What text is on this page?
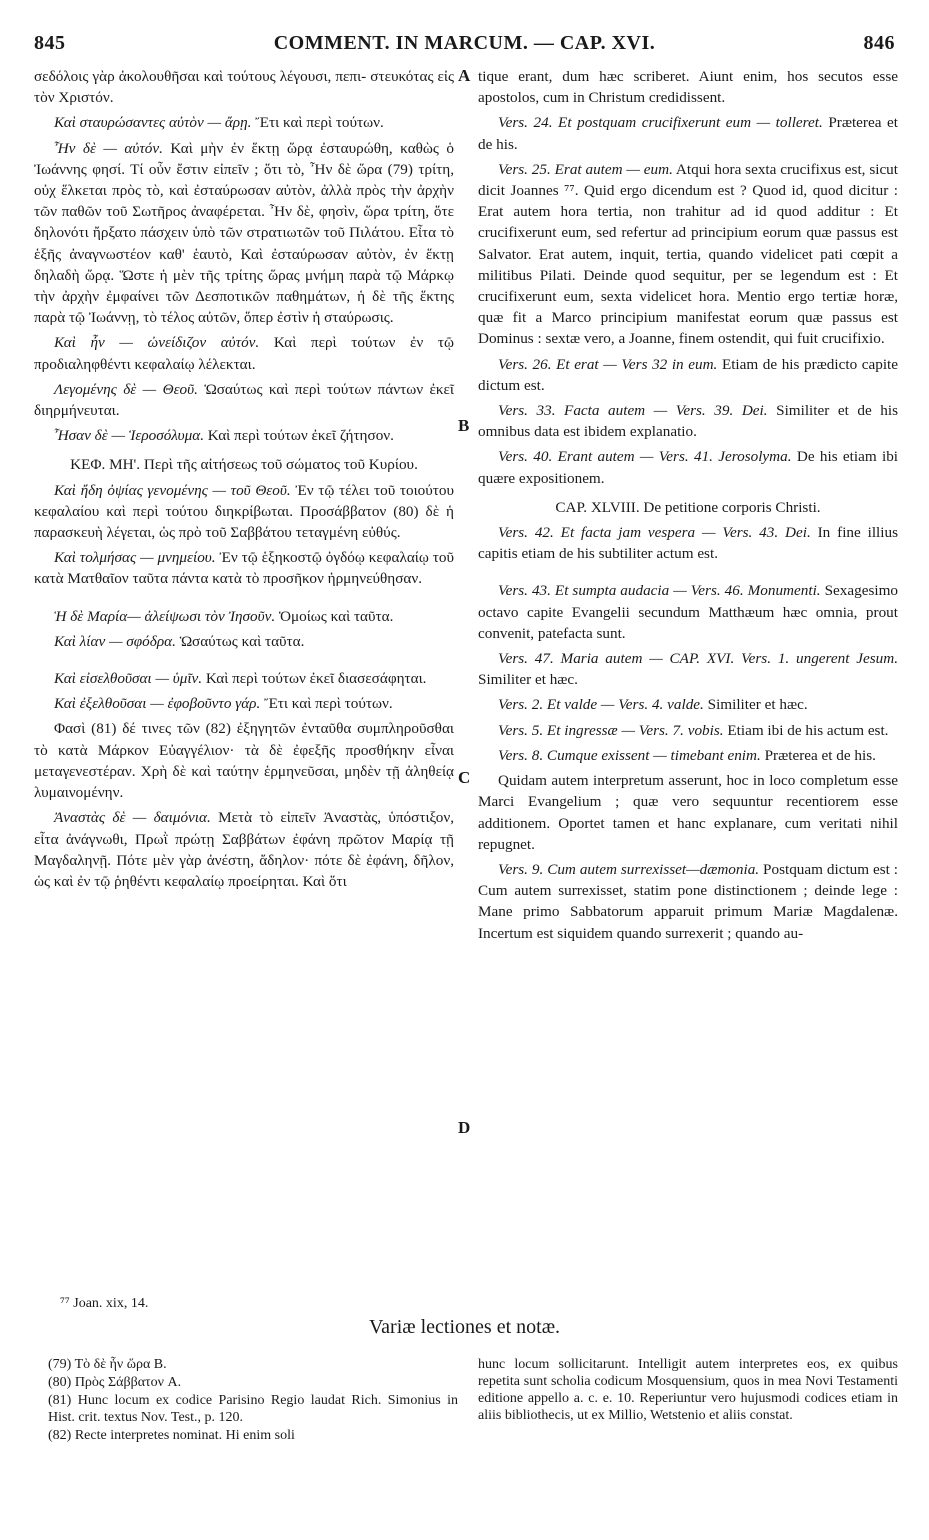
845	COMMENT. IN MARCUM. — CAP. XVI.	846

σεδόλοις γὰρ ἀκολουθῆσαι καὶ τούτους λέγουσι, πεπι- στευκότας εἰς τὸν Χριστόν.

Καὶ σταυρώσαντες αὐτὸν — ἄρῃ. Ἔτι καὶ περὶ τούτων.

Ἦν δὲ — αὐτόν. Καὶ μὴν ἐν ἕκτῃ ὥρᾳ ἐσταυρώθη, καθὼς ὁ Ἰωάννης φησί. Τί οὖν ἔστιν εἰπεῖν ; ὅτι τὸ, Ἦν δὲ ὥρα (79) τρίτη, οὐχ ἕλκεται πρὸς τὸ, καὶ ἐσταύρωσαν αὐτὸν, ἀλλὰ πρὸς τὴν ἀρχὴν τῶν παθῶν τοῦ Σωτῆρος ἀναφέρεται. Ἦν δὲ, φησὶν, ὥρα τρίτη, ὅτε δηλονότι ἤρξατο πάσχειν ὑπὸ τῶν στρατιωτῶν τοῦ Πιλάτου. Εἶτα τὸ ἑξῆς ἀναγνωστέον καθ' ἑαυτὸ, Καὶ ἐσταύρωσαν αὐτὸν, ἐν ἕκτῃ δηλαδὴ ὥρᾳ. Ὥστε ἡ μὲν τῆς τρίτης ὥρας μνήμη παρὰ τῷ Μάρκῳ τὴν ἀρχὴν ἐμφαίνει τῶν Δεσποτικῶν παθημάτων, ἡ δὲ τῆς ἕκτης παρὰ τῷ Ἰωάννῃ, τὸ τέλος αὐτῶν, ὅπερ ἐστὶν ἡ σταύρωσις.

Καὶ ἦν — ὠνείδιζον αὐτόν. Καὶ περὶ τούτων ἐν τῷ προδιαληφθέντι κεφαλαίῳ λέλεκται.

Λεγομένης δὲ — Θεοῦ. Ὡσαύτως καὶ περὶ τούτων πάντων ἐκεῖ διηρμήνευται.

Ἦσαν δὲ — Ἱεροσόλυμα. Καὶ περὶ τούτων ἐκεῖ ζήτησον.

ΚΕΦ. ΜΗ'. Περὶ τῆς αἰτήσεως τοῦ σώματος τοῦ Κυρίου.

Καὶ ἤδη ὀψίας γενομένης — τοῦ Θεοῦ. Ἐν τῷ τέλει τοῦ τοιούτου κεφαλαίου καὶ περὶ τούτου διηκρίβωται. Προσάββατον (80) δὲ ἡ παρασκευὴ λέγεται, ὡς πρὸ τοῦ Σαββάτου τεταγμένη εὐθύς.

Καὶ τολμήσας — μνημείου. Ἐν τῷ ἑξηκοστῷ ὀγδόῳ κεφαλαίῳ τοῦ κατὰ Ματθαῖον ταῦτα πάντα κατὰ τὸ προσῆκον ἡρμηνεύθησαν.

Ἡ δὲ Μαρία— ἀλείψωσι τὸν Ἰησοῦν. Ὁμοίως καὶ ταῦτα.

Καὶ λίαν — σφόδρα. Ὡσαύτως καὶ ταῦτα.

Καὶ εἰσελθοῦσαι — ὑμῖν. Καὶ περὶ τούτων ἐκεῖ διασεσάφηται.

Καὶ ἐξελθοῦσαι — ἐφοβοῦντο γάρ. Ἔτι καὶ περὶ τούτων.

Φασὶ (81) δέ τινες τῶν (82) ἐξηγητῶν ἐνταῦθα συμπληροῦσθαι τὸ κατὰ Μάρκον Εὐαγγέλιον· τὰ δὲ ἐφεξῆς προσθήκην εἶναι μεταγενεστέραν. Χρὴ δὲ καὶ ταύτην ἑρμηνεῦσαι, μηδὲν τῇ ἀληθείᾳ λυμαινομένην.

Ἀναστὰς δὲ — δαιμόνια. Μετὰ τὸ εἰπεῖν Ἀναστὰς, ὑπόστιξον, εἶτα ἀνάγνωθι, Πρωῒ πρώτῃ Σαββάτων ἐφάνη πρῶτον Μαρίᾳ τῇ Μαγδαληνῇ. Πότε μὲν γὰρ ἀνέστη, ἄδηλον· πότε δὲ ἐφάνη, δῆλον, ὡς καὶ ἐν τῷ ῥηθέντι κεφαλαίῳ προείρηται. Καὶ ὅτι

tique erant, dum hæc scriberet. Aiunt enim, hos secutos esse apostolos, cum in Christum credidissent.

Vers. 24. Et postquam crucifixerunt eum — tolleret. Præterea et de his.

Vers. 25. Erat autem — eum. Atqui hora sexta crucifixus est, sicut dicit Joannes ⁷⁷. Quid ergo dicendum est ? Quod id, quod dicitur : Erat autem hora tertia, non trahitur ad id quod additur : Et crucifixerunt eum, sed refertur ad principium eorum quæ passus est Salvator. Erat autem, inquit, tertia, quando videlicet pati cœpit a militibus Pilati. Deinde quod sequitur, per se legendum est : Et crucifixerunt eum, sexta videlicet hora. Mentio ergo tertiæ horæ, quæ fit a Marco principium manifestat eorum quæ passus est Dominus : sextæ vero, a Joanne, finem ostendit, qui fuit crucifixio.

Vers. 26. Et erat — Vers 32 in eum. Etiam de his prædicto capite dictum est.

Vers. 33. Facta autem — Vers. 39. Dei. Similiter et de his omnibus data est ibidem explanatio.

Vers. 40. Erant autem — Vers. 41. Jerosolyma. De his etiam ibi quære expositionem.

CAP. XLVIII. De petitione corporis Christi.

Vers. 42. Et facta jam vespera — Vers. 43. Dei. In fine illius capitis etiam de his subtiliter actum est.

Vers. 43. Et sumpta audacia — Vers. 46. Monumenti. Sexagesimo octavo capite Evangelii secundum Matthæum hæc omnia, prout convenit, patefacta sunt.

Vers. 47. Maria autem — CAP. XVI. Vers. 1. ungerent Jesum. Similiter et hæc.

Vers. 2. Et valde — Vers. 4. valde. Similiter et hæc.

Vers. 5. Et ingressæ — Vers. 7. vobis. Etiam ibi de his actum est.

Vers. 8. Cumque exissent — timebant enim. Præterea et de his.

Quidam autem interpretum asserunt, hoc in loco completum esse Marci Evangelium ; quæ vero sequuntur recentiorem esse additionem. Oportet tamen et hanc explanare, cum veritati nihil repugnet.

Vers. 9. Cum autem surrexisset—dæmonia. Postquam dictum est : Cum autem surrexisset, statim pone distinctionem ; deinde lege : Mane primo Sabbatorum apparuit primum Mariæ Magdalenæ. Incertum est siquidem quando surrexerit ; quando au-

A
B
C
D
⁷⁷ Joan. xix, 14.
Variæ lectiones et notæ.

(79) Τὸ δὲ ἦν ὥρα B.

(80) Πρὸς Σάββατον A.

(81) Hunc locum ex codice Parisino Regio laudat Rich. Simonius in Hist. crit. textus Nov. Test., p. 120.

(82) Recte interpretes nominat. Hi enim soli

hunc locum sollicitarunt. Intelligit autem interpretes eos, ex quibus repetita sunt scholia codicum Mosquensium, quos in mea Novi Testamenti editione appello a. c. e. 10. Reperiuntur vero hujusmodi codices etiam in aliis bibliothecis, ut ex Millio, Wetstenio et aliis constat.
